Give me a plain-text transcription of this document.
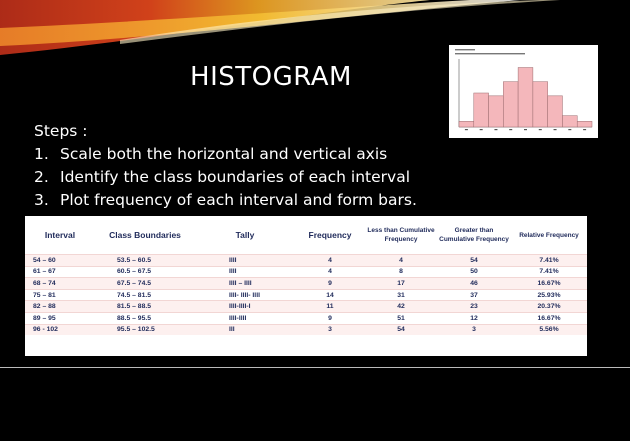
HISTOGRAM
Steps :
1. Scale both the horizontal and vertical axis
2. Identify the class boundaries of each interval
3. Plot frequency of each interval and form bars.
Interval	Class Boundaries	Tally	Frequency	Less than Cumulative Frequency	Greater than Cumulative Frequency	Relative Frequency
54 – 60	53.5 – 60.5	IIII	4	4	54	7.41%
61 – 67	60.5 – 67.5	IIII	4	8	50	7.41%
68 – 74	67.5 – 74.5	IIII – IIII	9	17	46	16.67%
75 – 81	74.5 – 81.5	IIII- IIII- IIII	14	31	37	25.93%
82 – 88	81.5 – 88.5	IIII-IIII-I	11	42	23	20.37%
89 – 95	88.5 – 95.5	IIII-IIII	9	51	12	16.67%
96 - 102	95.5 – 102.5	III	3	54	3	5.56%
